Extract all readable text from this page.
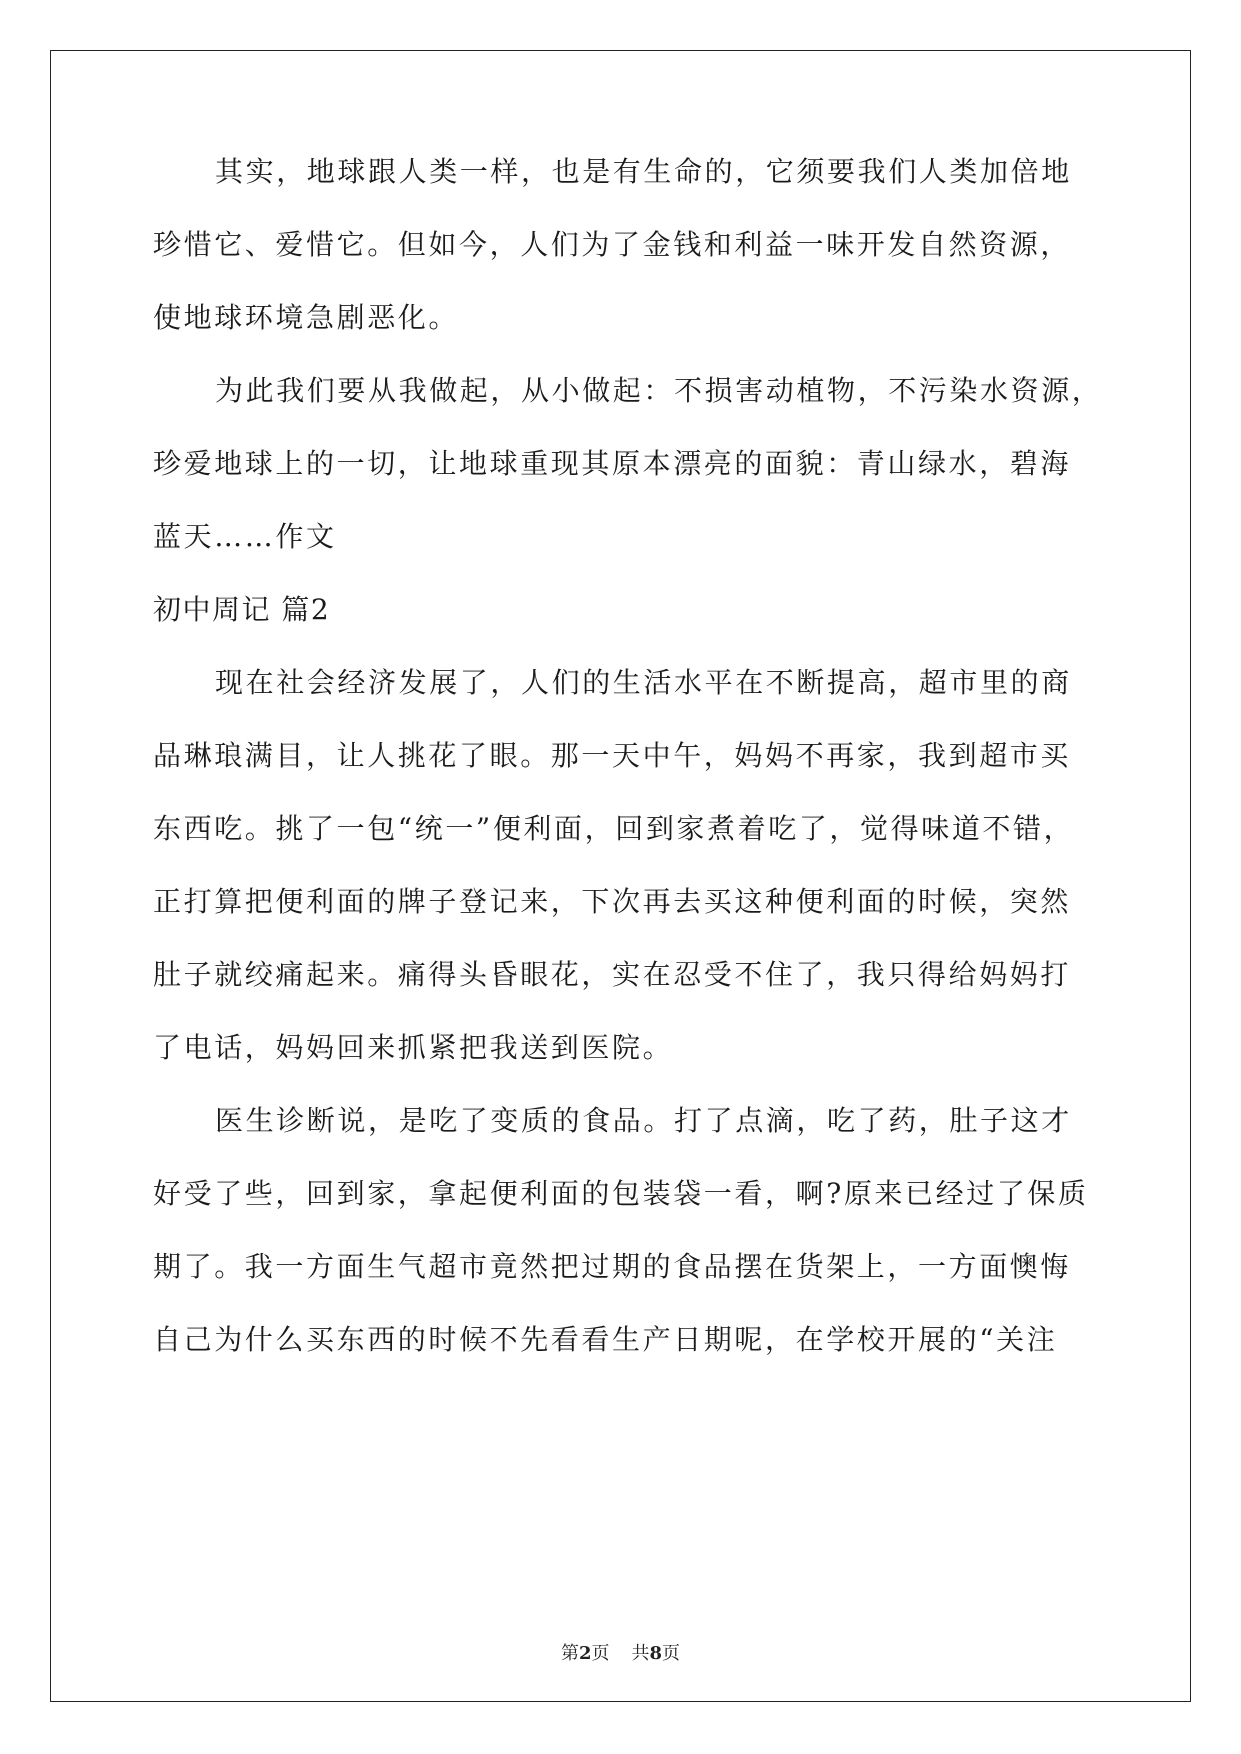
其实，地球跟人类一样，也是有生命的，它须要我们人类加倍地
珍惜它、爱惜它。但如今，人们为了金钱和利益一味开发自然资源，
使地球环境急剧恶化。
为此我们要从我做起，从小做起：不损害动植物，不污染水资源，
珍爱地球上的一切，让地球重现其原本漂亮的面貌：青山绿水，碧海
蓝天……作文
初中周记 篇2
现在社会经济发展了，人们的生活水平在不断提高，超市里的商
品琳琅满目，让人挑花了眼。那一天中午，妈妈不再家，我到超市买
东西吃。挑了一包“统一”便利面，回到家煮着吃了，觉得味道不错，
正打算把便利面的牌子登记来，下次再去买这种便利面的时候，突然
肚子就绞痛起来。痛得头昏眼花，实在忍受不住了，我只得给妈妈打
了电话，妈妈回来抓紧把我送到医院。
医生诊断说，是吃了变质的食品。打了点滴，吃了药，肚子这才
好受了些，回到家，拿起便利面的包装袋一看，啊?原来已经过了保质
期了。我一方面生气超市竟然把过期的食品摆在货架上，一方面懊悔
自己为什么买东西的时候不先看看生产日期呢，在学校开展的“关注
第2页 共8页
